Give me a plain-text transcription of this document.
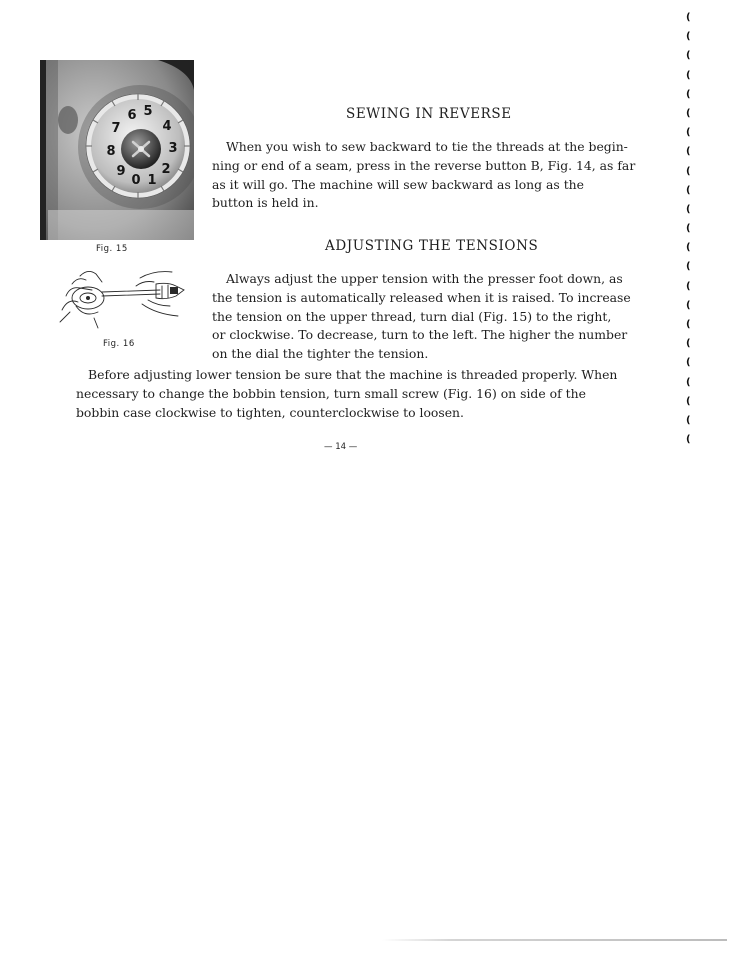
6 5
7	4
8	3
9	2
0 1
Fig. 15
Fig. 16
SEWING IN REVERSE

When you wish to sew backward to tie the threads at the begin-

ning or end of a seam, press in the reverse button B, Fig. 14, as far

as it will go. The machine will sew backward as long as the

button is held in.

ADJUSTING THE TENSIONS

Always adjust the upper tension with the presser foot down, as

the tension is automatically released when it is raised. To increase

the tension on the upper thread, turn dial (Fig. 15) to the right,

or clockwise. To decrease, turn to the left. The higher the number

on the dial the tighter the tension.

Before adjusting lower tension be sure that the machine is threaded properly. When

necessary to change the bobbin tension, turn small screw (Fig. 16) on side of the

bobbin case clockwise to tighten, counterclockwise to loosen.

— 14 —
(
(
(
(
(
(
(
(
(
(
(
(
(
(
(
(
(
(
(
(
(
(
(
